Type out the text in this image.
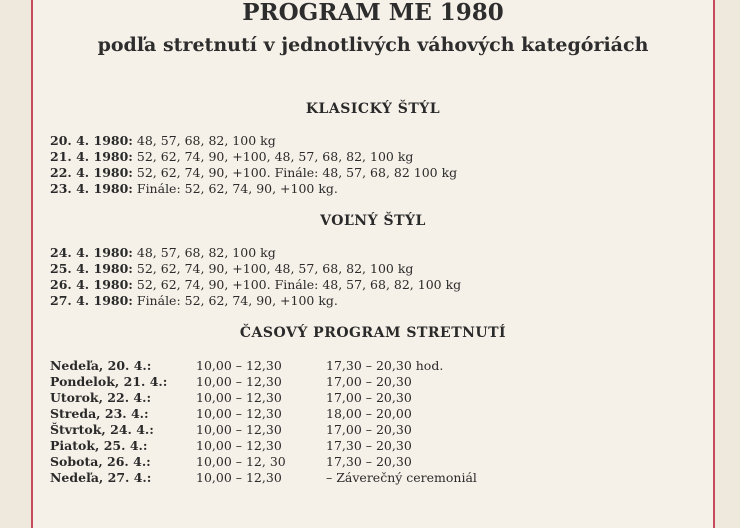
PROGRAM ME 1980
podľa stretnutí v jednotlivých váhových kategóriách
KLASICKÝ ŠTÝL
20. 4. 1980: 48, 57, 68, 82, 100 kg
21. 4. 1980: 52, 62, 74, 90, +100, 48, 57, 68, 82, 100 kg
22. 4. 1980: 52, 62, 74, 90, +100. Finále: 48, 57, 68, 82 100 kg
23. 4. 1980: Finále: 52, 62, 74, 90, +100 kg.
VOĽNÝ ŠTÝL
24. 4. 1980: 48, 57, 68, 82, 100 kg
25. 4. 1980: 52, 62, 74, 90, +100, 48, 57, 68, 82, 100 kg
26. 4. 1980: 52, 62, 74, 90, +100. Finále: 48, 57, 68, 82, 100 kg
27. 4. 1980: Finále: 52, 62, 74, 90, +100 kg.
ČASOVÝ PROGRAM STRETNUTÍ
Nedeľa, 20. 4.:	10,00 – 12,30	17,30 – 20,30 hod.
Pondelok, 21. 4.: 10,00 – 12,30	17,00 – 20,30
Utorok, 22. 4.:	10,00 – 12,30	17,00 – 20,30
Streda, 23. 4.:	10,00 – 12,30	18,00 – 20,00
Štvrtok, 24. 4.:	10,00 – 12,30	17,00 – 20,30
Piatok, 25. 4.:	10,00 – 12,30	17,30 – 20,30
Sobota, 26. 4.:	10,00 – 12, 30	17,30 – 20,30
Nedeľa, 27. 4.:	10,00 – 12,30	– Záverečný ceremoniál
